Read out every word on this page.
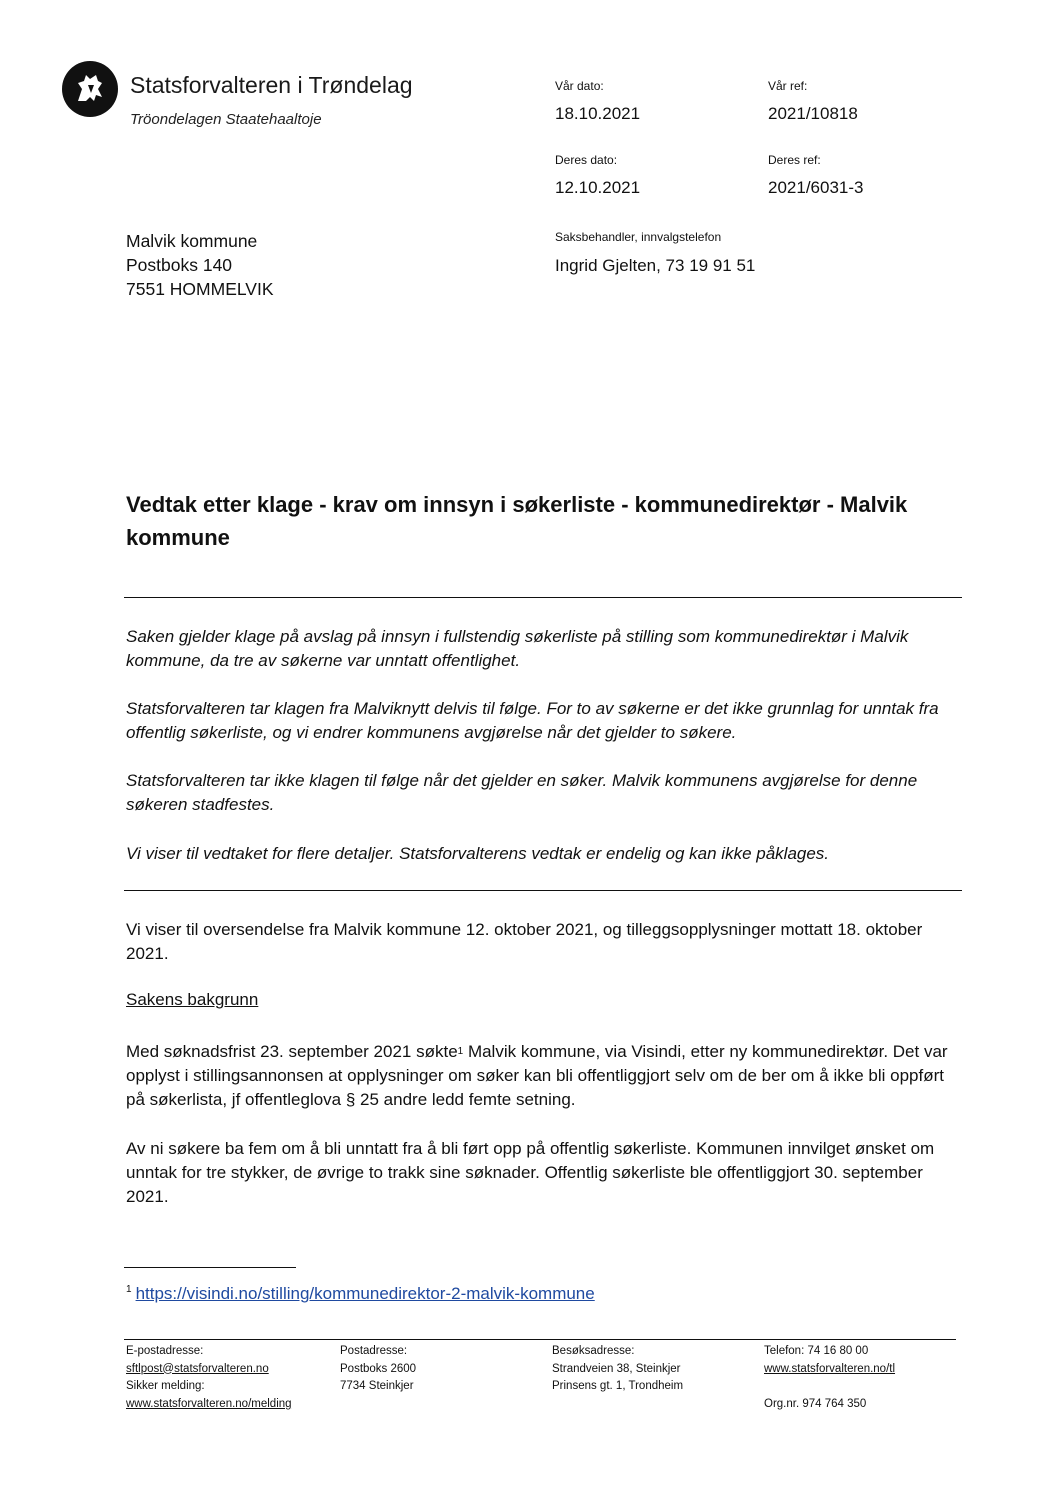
Statsforvalteren i Trøndelag
Tröondelagen Staatehaaltoje
Vår dato:
18.10.2021
Vår ref:
2021/10818
Deres dato:
12.10.2021
Deres ref:
2021/6031-3
Saksbehandler, innvalgstelefon
Ingrid Gjelten, 73 19 91 51
Malvik kommune
Postboks 140
7551 HOMMELVIK
Vedtak etter klage - krav om innsyn i søkerliste - kommunedirektør - Malvik kommune
Saken gjelder klage på avslag på innsyn i fullstendig søkerliste på stilling som kommunedirektør i Malvik kommune, da tre av søkerne var unntatt offentlighet.
Statsforvalteren tar klagen fra Malviknytt delvis til følge. For to av søkerne er det ikke grunnlag for unntak fra offentlig søkerliste, og vi endrer kommunens avgjørelse når det gjelder to søkere.
Statsforvalteren tar ikke klagen til følge når det gjelder en søker. Malvik kommunens avgjørelse for denne søkeren stadfestes.
Vi viser til vedtaket for flere detaljer. Statsforvalterens vedtak er endelig og kan ikke påklages.
Vi viser til oversendelse fra Malvik kommune 12. oktober 2021, og tilleggsopplysninger mottatt 18. oktober 2021.
Sakens bakgrunn
Med søknadsfrist 23. september 2021 søkte$^1$ Malvik kommune, via Visindi, etter ny kommunedirektør. Det var opplyst i stillingsannonsen at opplysninger om søker kan bli offentliggjort selv om de ber om å ikke bli oppført på søkerlista, jf offentleglova § 25 andre ledd femte setning.
Av ni søkere ba fem om å bli unntatt fra å bli ført opp på offentlig søkerliste. Kommunen innvilget ønsket om unntak for tre stykker, de øvrige to trakk sine søknader. Offentlig søkerliste ble offentliggjort 30. september 2021.
$^1$ https://visindi.no/stilling/kommunedirektor-2-malvik-kommune
E-postadresse:
sftlpost@statsforvalteren.no
Sikker melding:
www.statsforvalteren.no/melding
Postadresse:
Postboks 2600
7734 Steinkjer
Besøksadresse:
Strandveien 38, Steinkjer
Prinsens gt. 1, Trondheim
Telefon: 74 16 80 00
www.statsforvalteren.no/tl

Org.nr. 974 764 350
